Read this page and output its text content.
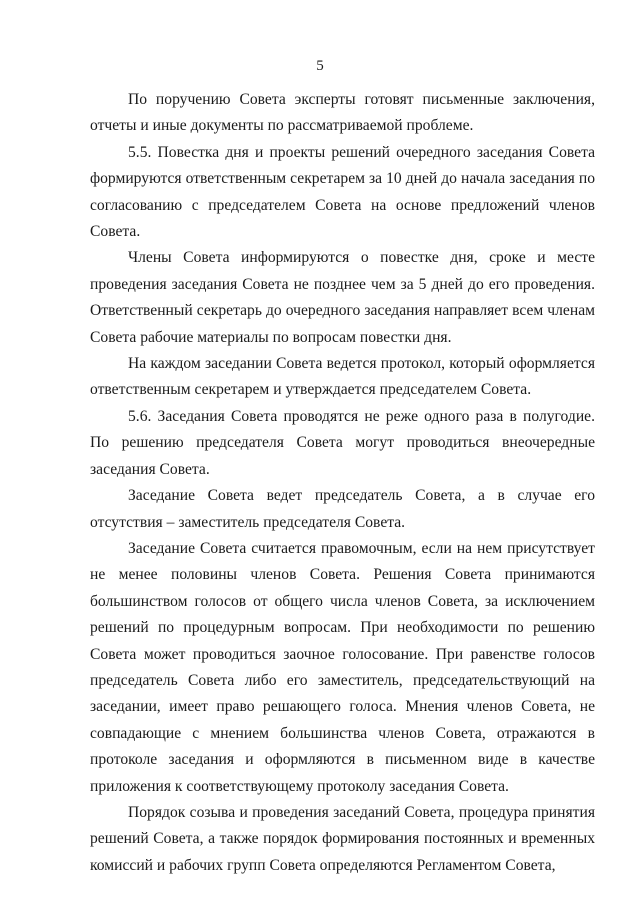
5

По поручению Совета эксперты готовят письменные заключения, отчеты и иные документы по рассматриваемой проблеме.

5.5. Повестка дня и проекты решений очередного заседания Совета формируются ответственным секретарем за 10 дней до начала заседания по согласованию с председателем Совета на основе предложений членов Совета.

Члены Совета информируются о повестке дня, сроке и месте проведения заседания Совета не позднее чем за 5 дней до его проведения. Ответственный секретарь до очередного заседания направляет всем членам Совета рабочие материалы по вопросам повестки дня.

На каждом заседании Совета ведется протокол, который оформляется ответственным секретарем и утверждается председателем Совета.

5.6. Заседания Совета проводятся не реже одного раза в полугодие. По решению председателя Совета могут проводиться внеочередные заседания Совета.

Заседание Совета ведет председатель Совета, а в случае его отсутствия – заместитель председателя Совета.

Заседание Совета считается правомочным, если на нем присутствует не менее половины членов Совета. Решения Совета принимаются большинством голосов от общего числа членов Совета, за исключением решений по процедурным вопросам. При необходимости по решению Совета может проводиться заочное голосование. При равенстве голосов председатель Совета либо его заместитель, председательствующий на заседании, имеет право решающего голоса. Мнения членов Совета, не совпадающие с мнением большинства членов Совета, отражаются в протоколе заседания и оформляются в письменном виде в качестве приложения к соответствующему протоколу заседания Совета.

Порядок созыва и проведения заседаний Совета, процедура принятия решений Совета, а также порядок формирования постоянных и временных комиссий и рабочих групп Совета определяются Регламентом Совета,
